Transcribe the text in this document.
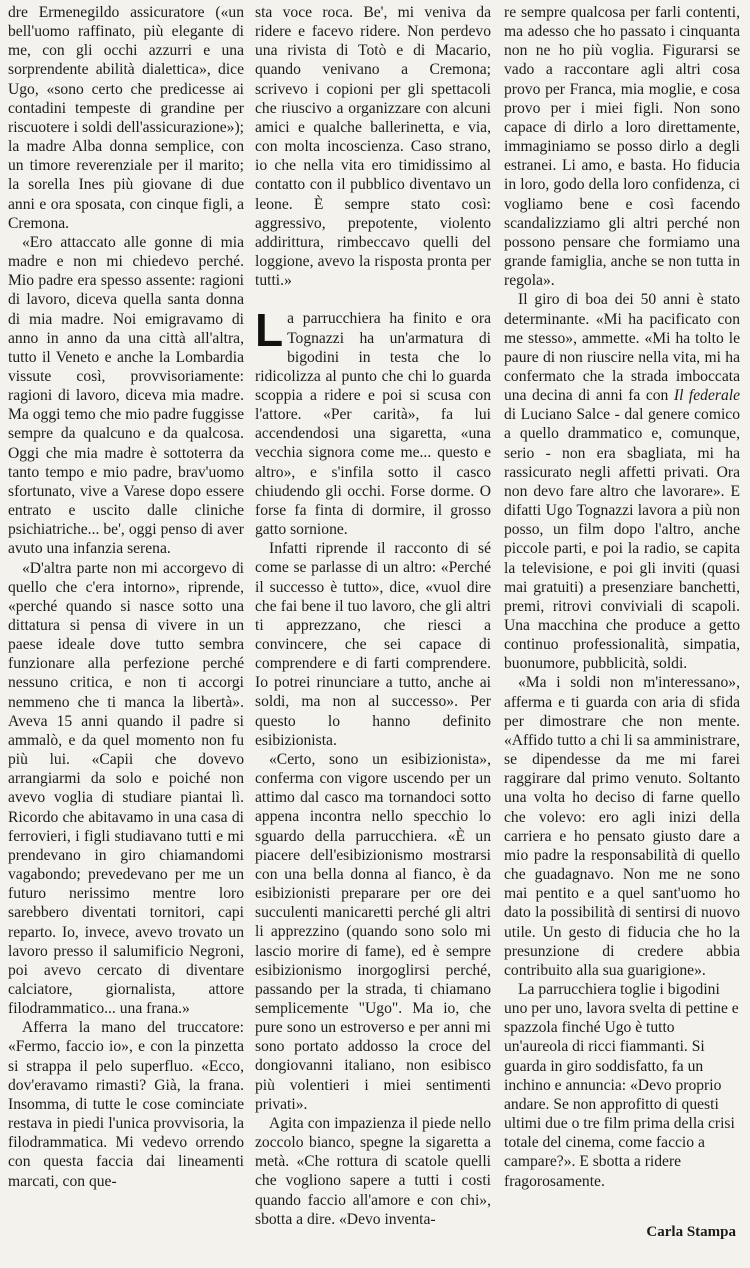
dre Ermenegildo assicuratore («un bell'uomo raffinato, più elegante di me, con gli occhi azzurri e una sorprendente abilità dialettica», dice Ugo, «sono certo che predicesse ai contadini tempeste di grandine per riscuotere i soldi dell'assicurazione»); la madre Alba donna semplice, con un timore reverenziale per il marito; la sorella Ines più giovane di due anni e ora sposata, con cinque figli, a Cremona.

«Ero attaccato alle gonne di mia madre e non mi chiedevo perché. Mio padre era spesso assente: ragioni di lavoro, diceva quella santa donna di mia madre. Noi emigravamo di anno in anno da una città all'altra, tutto il Veneto e anche la Lombardia vissute così, provvisoriamente: ragioni di lavoro, diceva mia madre. Ma oggi temo che mio padre fuggisse sempre da qualcuno e da qualcosa. Oggi che mia madre è sottoterra da tanto tempo e mio padre, brav'uomo sfortunato, vive a Varese dopo essere entrato e uscito dalle cliniche psichiatriche... be', oggi penso di aver avuto una infanzia serena.

«D'altra parte non mi accorgevo di quello che c'era intorno», riprende, «perché quando si nasce sotto una dittatura si pensa di vivere in un paese ideale dove tutto sembra funzionare alla perfezione perché nessuno critica, e non ti accorgi nemmeno che ti manca la libertà». Aveva 15 anni quando il padre si ammalò, e da quel momento non fu più lui. «Capii che dovevo arrangiarmi da solo e poiché non avevo voglia di studiare piantai lì. Ricordo che abitavamo in una casa di ferrovieri, i figli studiavano tutti e mi prendevano in giro chiamandomi vagabondo; prevedevano per me un futuro nerissimo mentre loro sarebbero diventati tornitori, capi reparto. Io, invece, avevo trovato un lavoro presso il salumificio Negroni, poi avevo cercato di diventare calciatore, giornalista, attore filodrammatico... una frana.»

Afferra la mano del truccatore: «Fermo, faccio io», e con la pinzetta si strappa il pelo superfluo. «Ecco, dov'eravamo rimasti? Già, la frana. Insomma, di tutte le cose cominciate restava in piedi l'unica provvisoria, la filodrammatica. Mi vedevo orrendo con questa faccia dai lineamenti marcati, con que-

sta voce roca. Be', mi veniva da ridere e facevo ridere. Non perdevo una rivista di Totò e di Macario, quando venivano a Cremona; scrivevo i copioni per gli spettacoli che riuscivo a organizzare con alcuni amici e qualche ballerinetta, e via, con molta incoscienza. Caso strano, io che nella vita ero timidissimo al contatto con il pubblico diventavo un leone. È sempre stato così: aggressivo, prepotente, violento addirittura, rimbeccavo quelli del loggione, avevo la risposta pronta per tutti.»

La parrucchiera ha finito e ora Tognazzi ha un'armatura di bigodini in testa che lo ridicolizza al punto che chi lo guarda scoppia a ridere e poi si scusa con l'attore. «Per carità», fa lui accendendosi una sigaretta, «una vecchia signora come me... questo e altro», e s'infila sotto il casco chiudendo gli occhi. Forse dorme. O forse fa finta di dormire, il grosso gatto sornione.

Infatti riprende il racconto di sé come se parlasse di un altro: «Perché il successo è tutto», dice, «vuol dire che fai bene il tuo lavoro, che gli altri ti apprezzano, che riesci a convincere, che sei capace di comprendere e di farti comprendere. Io potrei rinunciare a tutto, anche ai soldi, ma non al successo». Per questo lo hanno definito esibizionista.

«Certo, sono un esibizionista», conferma con vigore uscendo per un attimo dal casco ma tornandoci sotto appena incontra nello specchio lo sguardo della parrucchiera. «È un piacere dell'esibizionismo mostrarsi con una bella donna al fianco, è da esibizionisti preparare per ore dei succulenti manicaretti perché gli altri li apprezzino (quando sono solo mi lascio morire di fame), ed è sempre esibizionismo inorgoglirsi perché, passando per la strada, ti chiamano semplicemente "Ugo". Ma io, che pure sono un estroverso e per anni mi sono portato addosso la croce del dongiovanni italiano, non esibisco più volentieri i miei sentimenti privati».

Agita con impazienza il piede nello zoccolo bianco, spegne la sigaretta a metà. «Che rottura di scatole quelli che vogliono sapere a tutti i costi quando faccio all'amore e con chi», sbotta a dire. «Devo inventa-

re sempre qualcosa per farli contenti, ma adesso che ho passato i cinquanta non ne ho più voglia. Figurarsi se vado a raccontare agli altri cosa provo per Franca, mia moglie, e cosa provo per i miei figli. Non sono capace di dirlo a loro direttamente, immaginiamo se posso dirlo a degli estranei. Li amo, e basta. Ho fiducia in loro, godo della loro confidenza, ci vogliamo bene e così facendo scandalizziamo gli altri perché non possono pensare che formiamo una grande famiglia, anche se non tutta in regola».

Il giro di boa dei 50 anni è stato determinante. «Mi ha pacificato con me stesso», ammette. «Mi ha tolto le paure di non riuscire nella vita, mi ha confermato che la strada imboccata una decina di anni fa con Il federale di Luciano Salce - dal genere comico a quello drammatico e, comunque, serio - non era sbagliata, mi ha rassicurato negli affetti privati. Ora non devo fare altro che lavorare». E difatti Ugo Tognazzi lavora a più non posso, un film dopo l'altro, anche piccole parti, e poi la radio, se capita la televisione, e poi gli inviti (quasi mai gratuiti) a presenziare banchetti, premi, ritrovi conviviali di scapoli. Una macchina che produce a getto continuo professionalità, simpatia, buonumore, pubblicità, soldi.

«Ma i soldi non m'interessano», afferma e ti guarda con aria di sfida per dimostrare che non mente. «Affido tutto a chi li sa amministrare, se dipendesse da me mi farei raggirare dal primo venuto. Soltanto una volta ho deciso di farne quello che volevo: ero agli inizi della carriera e ho pensato giusto dare a mio padre la responsabilità di quello che guadagnavo. Non me ne sono mai pentito e a quel sant'uomo ho dato la possibilità di sentirsi di nuovo utile. Un gesto di fiducia che ho la presunzione di credere abbia contribuito alla sua guarigione».

La parrucchiera toglie i bigodini uno per uno, lavora svelta di pettine e spazzola finché Ugo è tutto un'aureola di ricci fiammanti. Si guarda in giro soddisfatto, fa un inchino e annuncia: «Devo proprio andare. Se non approfitto di questi ultimi due o tre film prima della crisi totale del cinema, come faccio a campare?». E sbotta a ridere fragorosamente.

Carla Stampa
